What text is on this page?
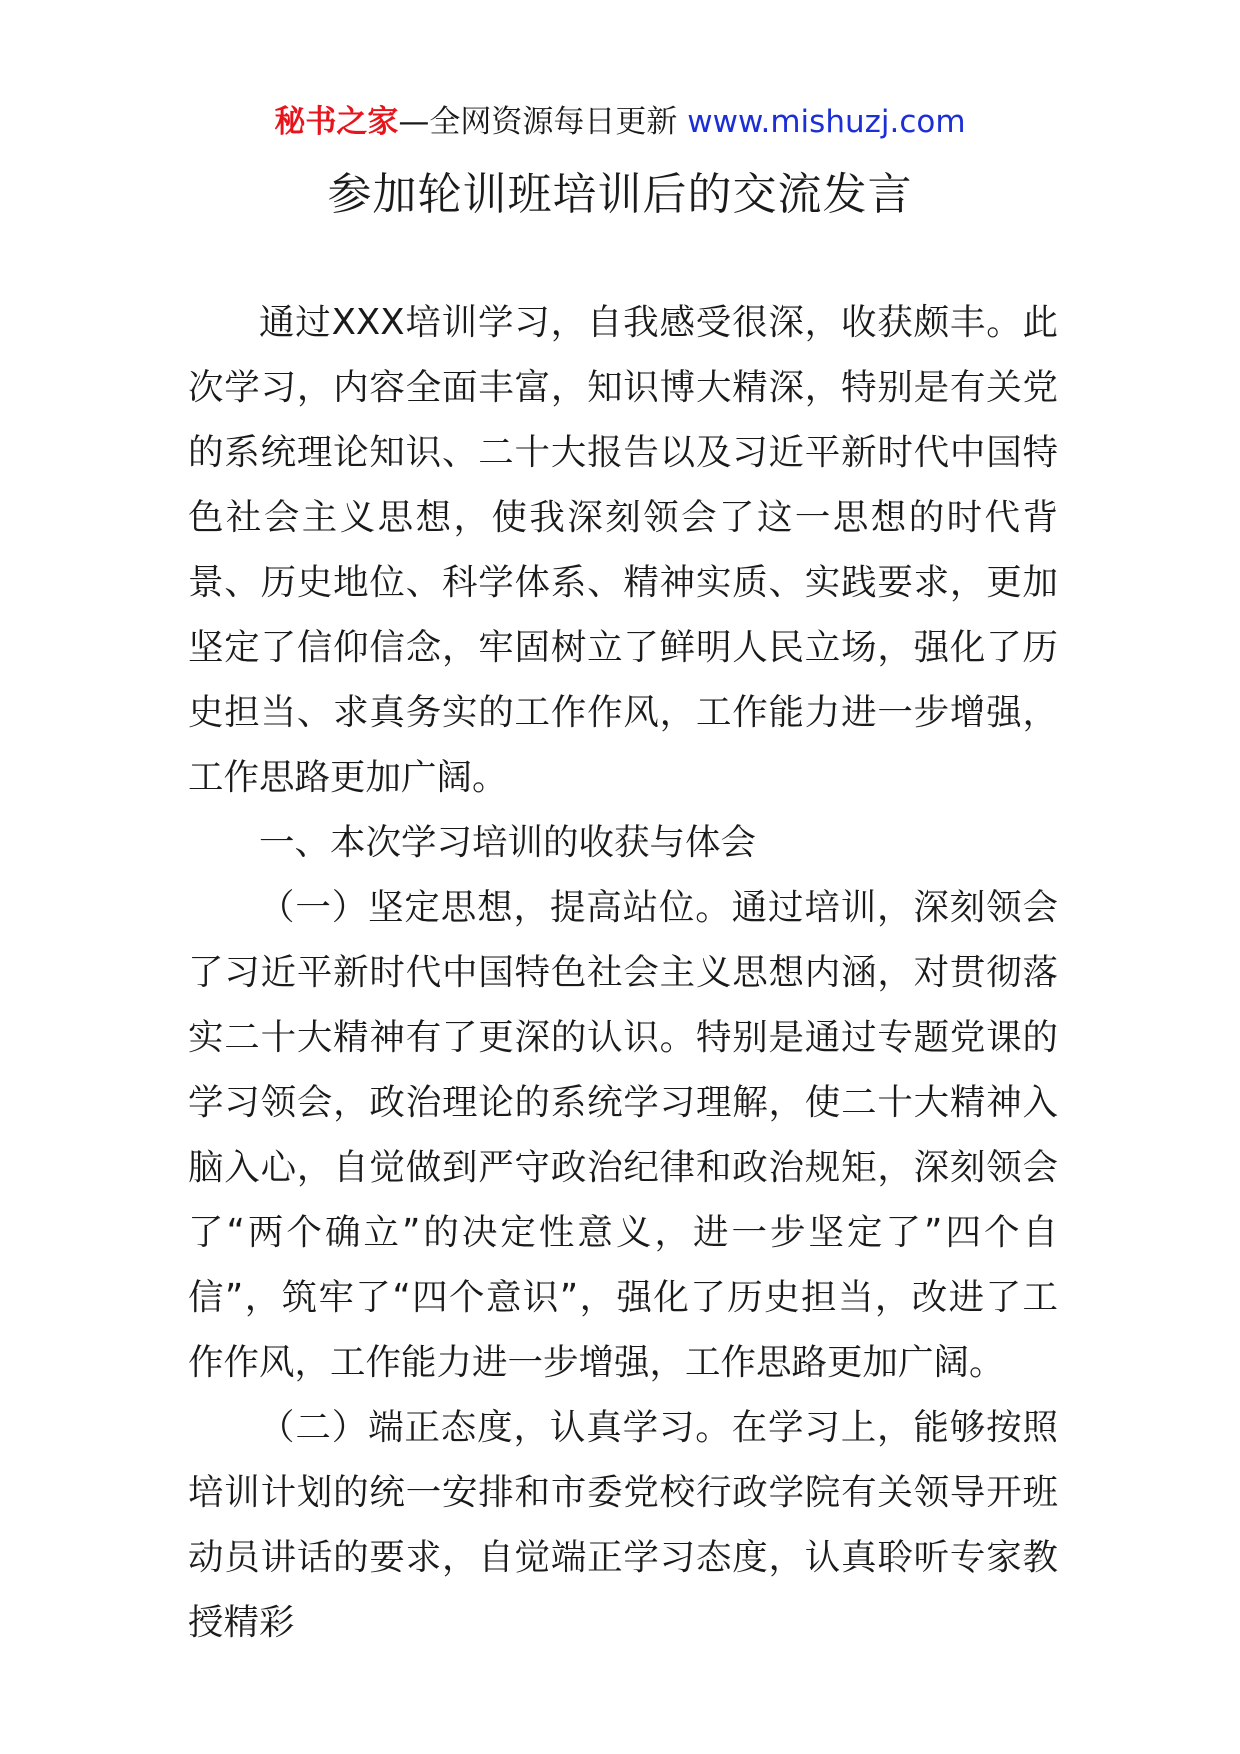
秘书之家—全网资源每日更新 www.mishuzj.com
参加轮训班培训后的交流发言

通过XXX培训学习，自我感受很深，收获颇丰。此次学习，内容全面丰富，知识博大精深，特别是有关党的系统理论知识、二十大报告以及习近平新时代中国特色社会主义思想，使我深刻领会了这一思想的时代背景、历史地位、科学体系、精神实质、实践要求，更加坚定了信仰信念，牢固树立了鲜明人民立场，强化了历史担当、求真务实的工作作风，工作能力进一步增强，工作思路更加广阔。

一、本次学习培训的收获与体会

（一）坚定思想，提高站位。通过培训，深刻领会了习近平新时代中国特色社会主义思想内涵，对贯彻落实二十大精神有了更深的认识。特别是通过专题党课的学习领会，政治理论的系统学习理解，使二十大精神入脑入心，自觉做到严守政治纪律和政治规矩，深刻领会了“两个确立”的决定性意义，进一步坚定了”四个自信”，筑牢了“四个意识”，强化了历史担当，改进了工作作风，工作能力进一步增强，工作思路更加广阔。

（二）端正态度，认真学习。在学习上，能够按照培训计划的统一安排和市委党校行政学院有关领导开班动员讲话的要求，自觉端正学习态度，认真聆听专家教授精彩
